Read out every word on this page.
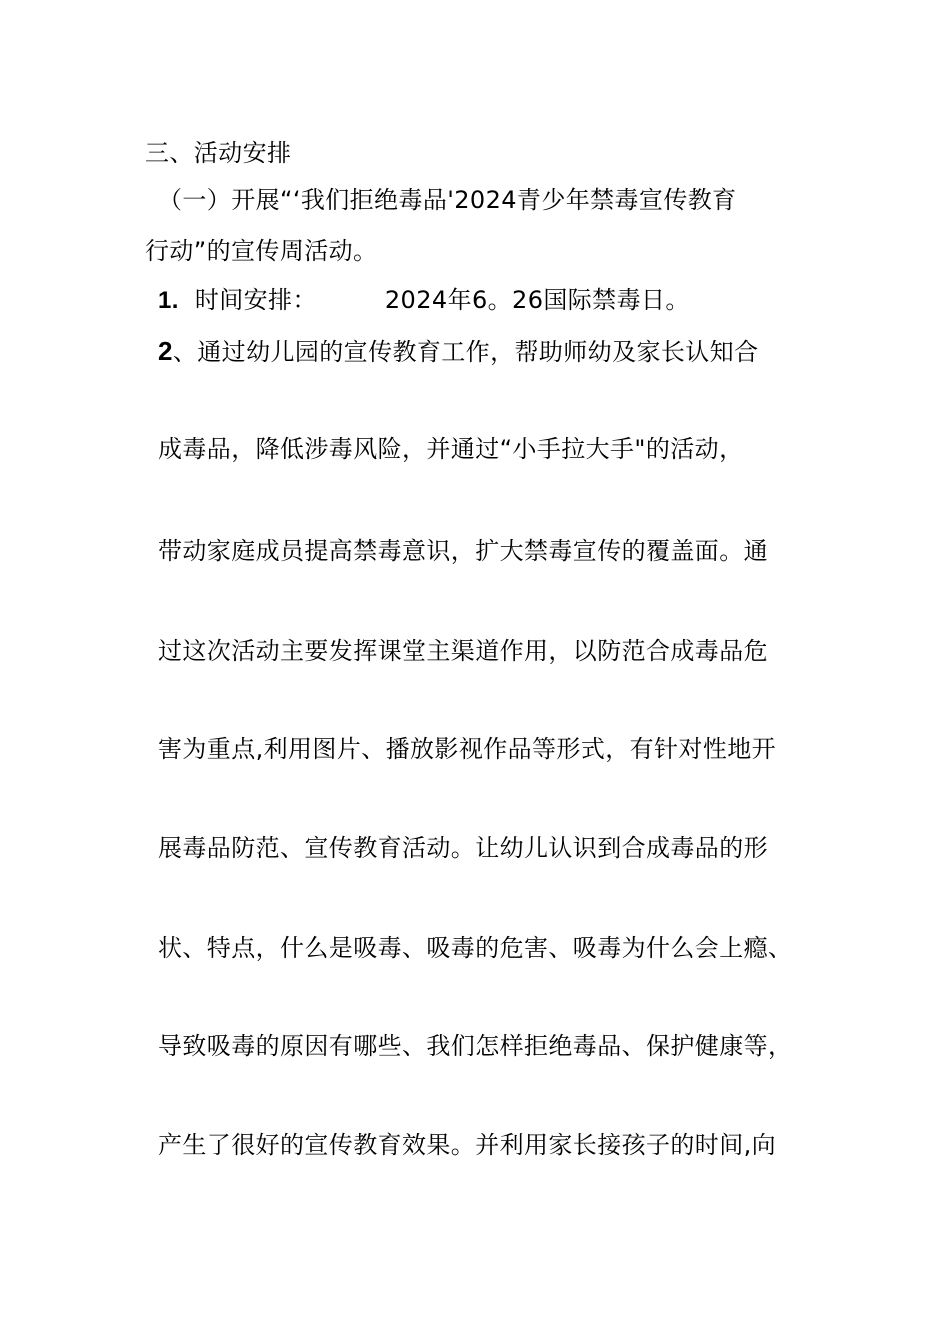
三、活动安排
（一）开展“‘我们拒绝毒品'2024青少年禁毒宣传教育
行动”的宣传周活动。
1. 时间安排：	2024年6。26国际禁毒日。
2、通过幼儿园的宣传教育工作，帮助师幼及家长认知合
成毒品，降低涉毒风险，并通过“小手拉大手"的活动，
带动家庭成员提高禁毒意识，扩大禁毒宣传的覆盖面。通
过这次活动主要发挥课堂主渠道作用，以防范合成毒品危
害为重点,利用图片、播放影视作品等形式，有针对性地开
展毒品防范、宣传教育活动。让幼儿认识到合成毒品的形
状、特点，什么是吸毒、吸毒的危害、吸毒为什么会上瘾、
导致吸毒的原因有哪些、我们怎样拒绝毒品、保护健康等，
产生了很好的宣传教育效果。并利用家长接孩子的时间,向
